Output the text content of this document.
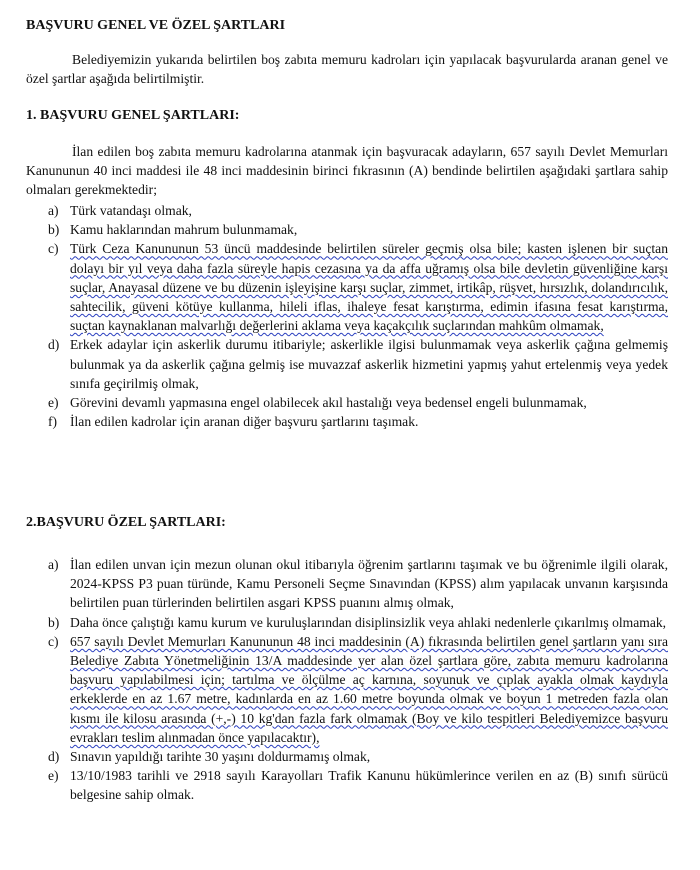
BAŞVURU GENEL VE ÖZEL ŞARTLARI
Belediyemizin yukarıda belirtilen boş zabıta memuru kadroları için yapılacak başvurularda aranan genel ve özel şartlar aşağıda belirtilmiştir.
1. BAŞVURU GENEL ŞARTLARI:
İlan edilen boş zabıta memuru kadrolarına atanmak için başvuracak adayların, 657 sayılı Devlet Memurları Kanununun 40 inci maddesi ile 48 inci maddesinin birinci fıkrasının (A) bendinde belirtilen aşağıdaki şartlara sahip olmaları gerekmektedir;
a) Türk vatandaşı olmak,
b) Kamu haklarından mahrum bulunmamak,
c) Türk Ceza Kanununun 53 üncü maddesinde belirtilen süreler geçmiş olsa bile; kasten işlenen bir suçtan dolayı bir yıl veya daha fazla süreyle hapis cezasına ya da affa uğramış olsa bile devletin güvenliğine karşı suçlar, Anayasal düzene ve bu düzenin işleyişine karşı suçlar, zimmet, irtikâp, rüşvet, hırsızlık, dolandırıcılık, sahtecilik, güveni kötüye kullanma, hileli iflas, ihaleye fesat karıştırma, edimin ifasına fesat karıştırma, suçtan kaynaklanan malvarlığı değerlerini aklama veya kaçakçılık suçlarından mahkûm olmamak,
d) Erkek adaylar için askerlik durumu itibariyle; askerlikle ilgisi bulunmamak veya askerlik çağına gelmemiş bulunmak ya da askerlik çağına gelmiş ise muvazzaf askerlik hizmetini yapmış yahut ertelenmiş veya yedek sınıfa geçirilmiş olmak,
e) Görevini devamlı yapmasına engel olabilecek akıl hastalığı veya bedensel engeli bulunmamak,
f) İlan edilen kadrolar için aranan diğer başvuru şartlarını taşımak.
2.BAŞVURU ÖZEL ŞARTLARI:
a) İlan edilen unvan için mezun olunan okul itibarıyla öğrenim şartlarını taşımak ve bu öğrenimle ilgili olarak, 2024-KPSS P3 puan türünde, Kamu Personeli Seçme Sınavından (KPSS) alım yapılacak unvanın karşısında belirtilen puan türlerinden belirtilen asgari KPSS puanını almış olmak,
b) Daha önce çalıştığı kamu kurum ve kuruluşlarından disiplinsizlik veya ahlaki nedenlerle çıkarılmış olmamak,
c) 657 sayılı Devlet Memurları Kanununun 48 inci maddesinin (A) fıkrasında belirtilen genel şartların yanı sıra Belediye Zabıta Yönetmeliğinin 13/A maddesinde yer alan özel şartlara göre, zabıta memuru kadrolarına başvuru yapılabilmesi için; tartılma ve ölçülme aç karnına, soyunuk ve çıplak ayakla olmak kaydıyla erkeklerde en az 1.67 metre, kadınlarda en az 1.60 metre boyunda olmak ve boyun 1 metreden fazla olan kısmı ile kilosu arasında (+,-) 10 kg'dan fazla fark olmamak (Boy ve kilo tespitleri Belediyemizce başvuru evrakları teslim alınmadan önce yapılacaktır),
d) Sınavın yapıldığı tarihte 30 yaşını doldurmamış olmak,
e) 13/10/1983 tarihli ve 2918 sayılı Karayolları Trafik Kanunu hükümlerince verilen en az (B) sınıfı sürücü belgesine sahip olmak.
